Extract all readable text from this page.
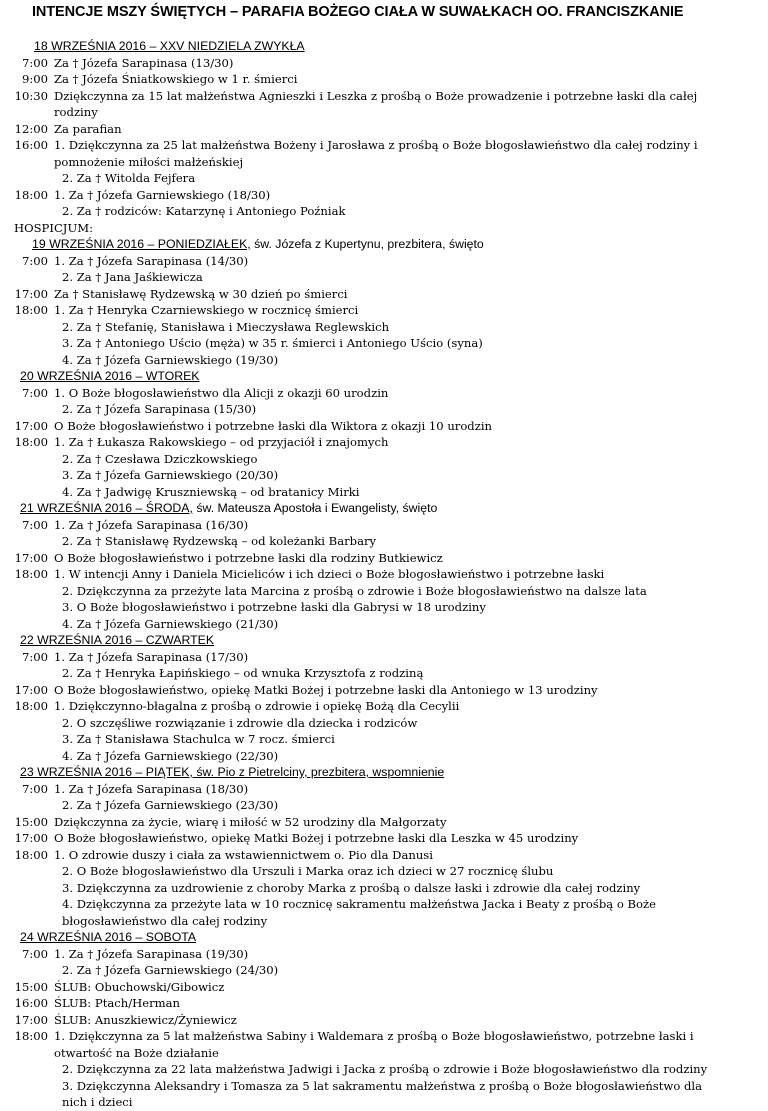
INTENCJE MSZY ŚWIĘTYCH – PARAFIA BOŻEGO CIAŁA W SUWAŁKACH OO. FRANCISZKANIE
18 WRZEŚNIA 2016 – XXV NIEDZIELA ZWYKŁA
7:00 Za † Józefa Sarapinasa (13/30)
9:00 Za † Józefa Śniatkowskiego w 1 r. śmierci
10:30 Dziękczynna za 15 lat małżeństwa Agnieszki i Leszka z prośbą o Boże prowadzenie i potrzebne łaski dla całej rodziny
12:00 Za parafian
16:00 1. Dziękczynna za 25 lat małżeństwa Bożeny i Jarosława z prośbą o Boże błogosławieństwo dla całej rodziny i pomnożenie miłości małżeńskiej
2. Za † Witolda Fejfera
18:00 1. Za † Józefa Garniewskiego (18/30)
2. Za † rodziców: Katarzynę i Antoniego Poźniak
HOSPICJUM:
19 WRZEŚNIA 2016 – PONIEDZIAŁEK, św. Józefa z Kupertynu, prezbitera, święto
7:00 1. Za † Józefa Sarapinasa (14/30)
2. Za † Jana Jaśkiewicza
17:00 Za † Stanisławę Rydzewską w 30 dzień po śmierci
18:00 1. Za † Henryka Czarniewskiego w rocznicę śmierci
2. Za † Stefanię, Stanisława i Mieczysława Reglewskich
3. Za † Antoniego Uścio (męża) w 35 r. śmierci i Antoniego Uścio (syna)
4. Za † Józefa Garniewskiego (19/30)
20 WRZEŚNIA 2016 – WTOREK
7:00 1. O Boże błogosławieństwo dla Alicji z okazji 60 urodzin
2. Za † Józefa Sarapinasa (15/30)
17:00 O Boże błogosławieństwo i potrzebne łaski dla Wiktora z okazji 10 urodzin
18:00 1. Za † Łukasza Rakowskiego – od przyjaciół i znajomych
2. Za † Czesława Dziczkowskiego
3. Za † Józefa Garniewskiego (20/30)
4. Za † Jadwigę Kruszniewską – od bratanicy Mirki
21 WRZEŚNIA 2016 – ŚRODA, św. Mateusza Apostoła i Ewangelisty, święto
7:00 1. Za † Józefa Sarapinasa (16/30)
2. Za † Stanisławę Rydzewską – od koleżanki Barbary
17:00 O Boże błogosławieństwo i potrzebne łaski dla rodziny Butkiewicz
18:00 1. W intencji Anny i Daniela Micieliców i ich dzieci o Boże błogosławieństwo i potrzebne łaski
2. Dziękczynna za przeżyte lata Marcina z prośbą o zdrowie i Boże błogosławieństwo na dalsze lata
3. O Boże błogosławieństwo i potrzebne łaski dla Gabrysi w 18 urodziny
4. Za † Józefa Garniewskiego (21/30)
22 WRZEŚNIA 2016 – CZWARTEK
7:00 1. Za † Józefa Sarapinasa (17/30)
2. Za † Henryka Łapińskiego – od wnuka Krzysztofa z rodziną
17:00 O Boże błogosławieństwo, opiekę Matki Bożej i potrzebne łaski dla Antoniego w 13 urodziny
18:00 1. Dziękczynno-błagalna z prośbą o zdrowie i opiekę Bożą dla Cecylii
2. O szczęśliwe rozwiązanie i zdrowie dla dziecka i rodziców
3. Za † Stanisława Stachulca w 7 rocz. śmierci
4. Za † Józefa Garniewskiego (22/30)
23 WRZEŚNIA 2016 – PIĄTEK, św. Pio z Pietrelciny, prezbitera, wspomnienie
7:00 1. Za † Józefa Sarapinasa (18/30)
2. Za † Józefa Garniewskiego (23/30)
15:00 Dziękczynna za życie, wiarę i miłość w 52 urodziny dla Małgorzaty
17:00 O Boże błogosławieństwo, opiekę Matki Bożej i potrzebne łaski dla Leszka w 45 urodziny
18:00 1. O zdrowie duszy i ciała za wstawiennictwem o. Pio dla Danusi
2. O Boże błogosławieństwo dla Urszuli i Marka oraz ich dzieci w 27 rocznicę ślubu
3. Dziękczynna za uzdrowienie z choroby Marka z prośbą o dalsze łaski i zdrowie dla całej rodziny
4. Dziękczynna za przeżyte lata w 10 rocznicę sakramentu małżeństwa Jacka i Beaty z prośbą o Boże błogosławieństwo dla całej rodziny
24 WRZEŚNIA 2016 – SOBOTA
7:00 1. Za † Józefa Sarapinasa (19/30)
2. Za † Józefa Garniewskiego (24/30)
15:00 ŚLUB: Obuchowski/Gibowicz
16:00 ŚLUB: Ptach/Herman
17:00 ŚLUB: Anuszkiewicz/Żyniewicz
18:00 1. Dziękczynna za 5 lat małżeństwa Sabiny i Waldemara z prośbą o Boże błogosławieństwo, potrzebne łaski i otwartość na Boże działanie
2. Dziękczynna za 22 lata małżeństwa Jadwigi i Jacka z prośbą o zdrowie i Boże błogosławieństwo dla rodziny
3. Dziękczynna Aleksandry i Tomasza za 5 lat sakramentu małżeństwa z prośbą o Boże błogosławieństwo dla nich i dzieci
